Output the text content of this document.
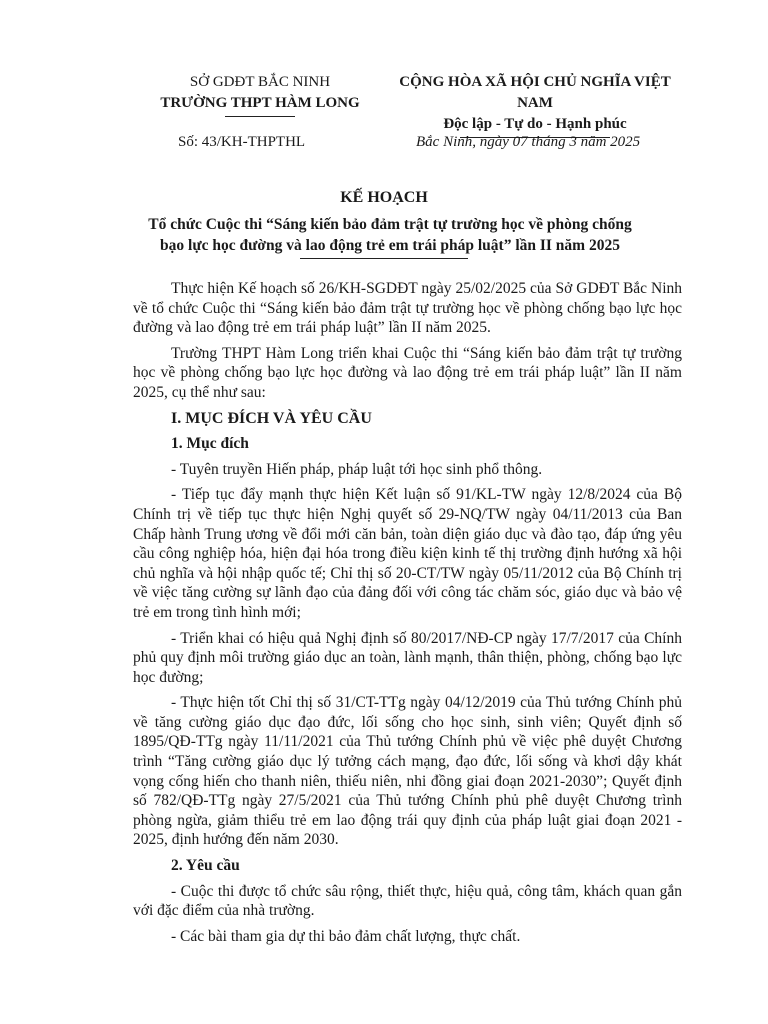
SỞ GDĐT BẮC NINH
TRƯỜNG THPT HÀM LONG
CỘNG HÒA XÃ HỘI CHỦ NGHĨA VIỆT NAM
Độc lập - Tự do - Hạnh phúc
Số: 43/KH-THPTHL	Bắc Ninh, ngày 07 tháng 3 năm 2025
KẾ HOẠCH
Tổ chức Cuộc thi “Sáng kiến bảo đảm trật tự trường học về phòng chống
bạo lực học đường và lao động trẻ em trái pháp luật” lần II năm 2025

Thực hiện Kế hoạch số 26/KH-SGDĐT ngày 25/02/2025 của Sở GDĐT Bắc Ninh về tổ chức Cuộc thi “Sáng kiến bảo đảm trật tự trường học về phòng chống bạo lực học đường và lao động trẻ em trái pháp luật” lần II năm 2025.

Trường THPT Hàm Long triển khai Cuộc thi “Sáng kiến bảo đảm trật tự trường học về phòng chống bạo lực học đường và lao động trẻ em trái pháp luật” lần II năm 2025, cụ thể như sau:

I. MỤC ĐÍCH VÀ YÊU CẦU
1. Mục đích

- Tuyên truyền Hiến pháp, pháp luật tới học sinh phổ thông.

- Tiếp tục đẩy mạnh thực hiện Kết luận số 91/KL-TW ngày 12/8/2024 của Bộ Chính trị về tiếp tục thực hiện Nghị quyết số 29-NQ/TW ngày 04/11/2013 của Ban Chấp hành Trung ương về đổi mới căn bản, toàn diện giáo dục và đào tạo, đáp ứng yêu cầu công nghiệp hóa, hiện đại hóa trong điều kiện kinh tế thị trường định hướng xã hội chủ nghĩa và hội nhập quốc tế; Chỉ thị số 20-CT/TW ngày 05/11/2012 của Bộ Chính trị về việc tăng cường sự lãnh đạo của đảng đối với công tác chăm sóc, giáo dục và bảo vệ trẻ em trong tình hình mới;

- Triển khai có hiệu quả Nghị định số 80/2017/NĐ-CP ngày 17/7/2017 của Chính phủ quy định môi trường giáo dục an toàn, lành mạnh, thân thiện, phòng, chống bạo lực học đường;

- Thực hiện tốt Chỉ thị số 31/CT-TTg ngày 04/12/2019 của Thủ tướng Chính phủ về tăng cường giáo dục đạo đức, lối sống cho học sinh, sinh viên; Quyết định số 1895/QĐ-TTg ngày 11/11/2021 của Thủ tướng Chính phủ về việc phê duyệt Chương trình “Tăng cường giáo dục lý tưởng cách mạng, đạo đức, lối sống và khơi dậy khát vọng cống hiến cho thanh niên, thiếu niên, nhi đồng giai đoạn 2021-2030”; Quyết định số 782/QĐ-TTg ngày 27/5/2021 của Thủ tướng Chính phủ phê duyệt Chương trình phòng ngừa, giảm thiểu trẻ em lao động trái quy định của pháp luật giai đoạn 2021 - 2025, định hướng đến năm 2030.

2. Yêu cầu

- Cuộc thi được tổ chức sâu rộng, thiết thực, hiệu quả, công tâm, khách quan gắn với đặc điểm của nhà trường.

- Các bài tham gia dự thi bảo đảm chất lượng, thực chất.
